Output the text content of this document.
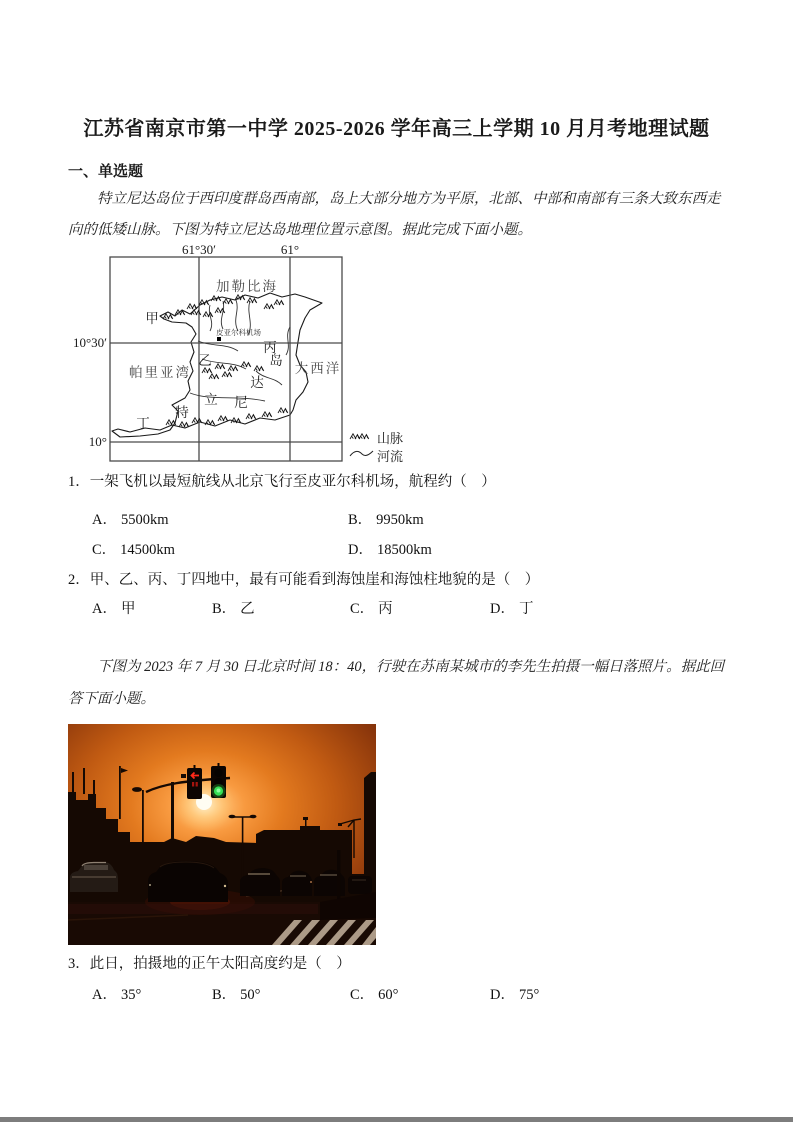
江苏省南京市第一中学 2025-2026 学年高三上学期 10 月月考地理试题
一、单选题
特立尼达岛位于西印度群岛西南部，岛上大部分地方为平原，北部、中部和南部有三条大致东西走向的低矮山脉。下图为特立尼达岛地理位置示意图。据此完成下面小题。
皮亚尔科机场
61°30′	61°
10°30′
10°
加勒比海
帕里亚湾	大西洋
甲
乙
丙
丁
特
立 尼
达
岛
山脉
河流
1．一架飞机以最短航线从北京飞行至皮亚尔科机场，航程约（　）
A． 5500km	B． 9950km
C． 14500km	D． 18500km
2．甲、乙、丙、丁四地中，最有可能看到海蚀崖和海蚀柱地貌的是（　）
A． 甲	B． 乙	C． 丙	D． 丁
下图为 2023 年 7 月 30 日北京时间 18：40，行驶在苏南某城市的李先生拍摄一幅日落照片。据此回答下面小题。
3．此日，拍摄地的正午太阳高度约是（　）
A． 35°	B． 50°	C． 60°	D． 75°
